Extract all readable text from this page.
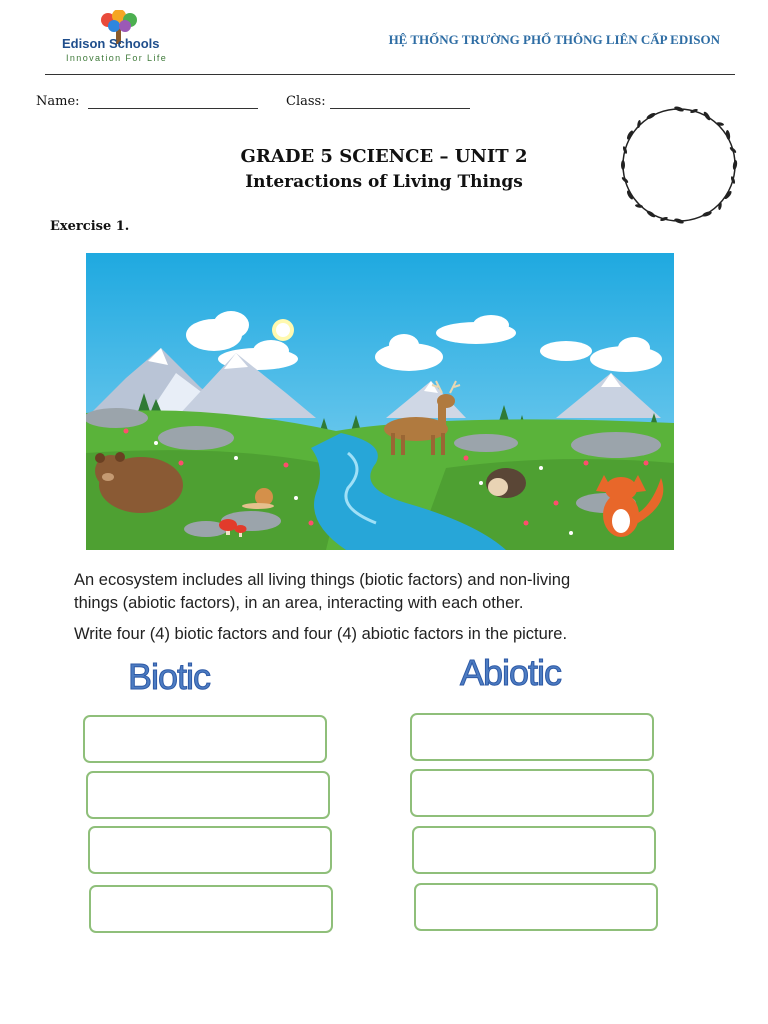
Edison Schools
Innovation For Life
HỆ THỐNG TRƯỜNG PHỔ THÔNG LIÊN CẤP EDISON
Name:	Class:
GRADE 5 SCIENCE – UNIT 2
Interactions of Living Things
Exercise 1.
An ecosystem includes all living things (biotic factors) and non-living
things (abiotic factors), in an area, interacting with each other.
Write four (4) biotic factors and four (4) abiotic factors in the picture.
Biotic	Abiotic
